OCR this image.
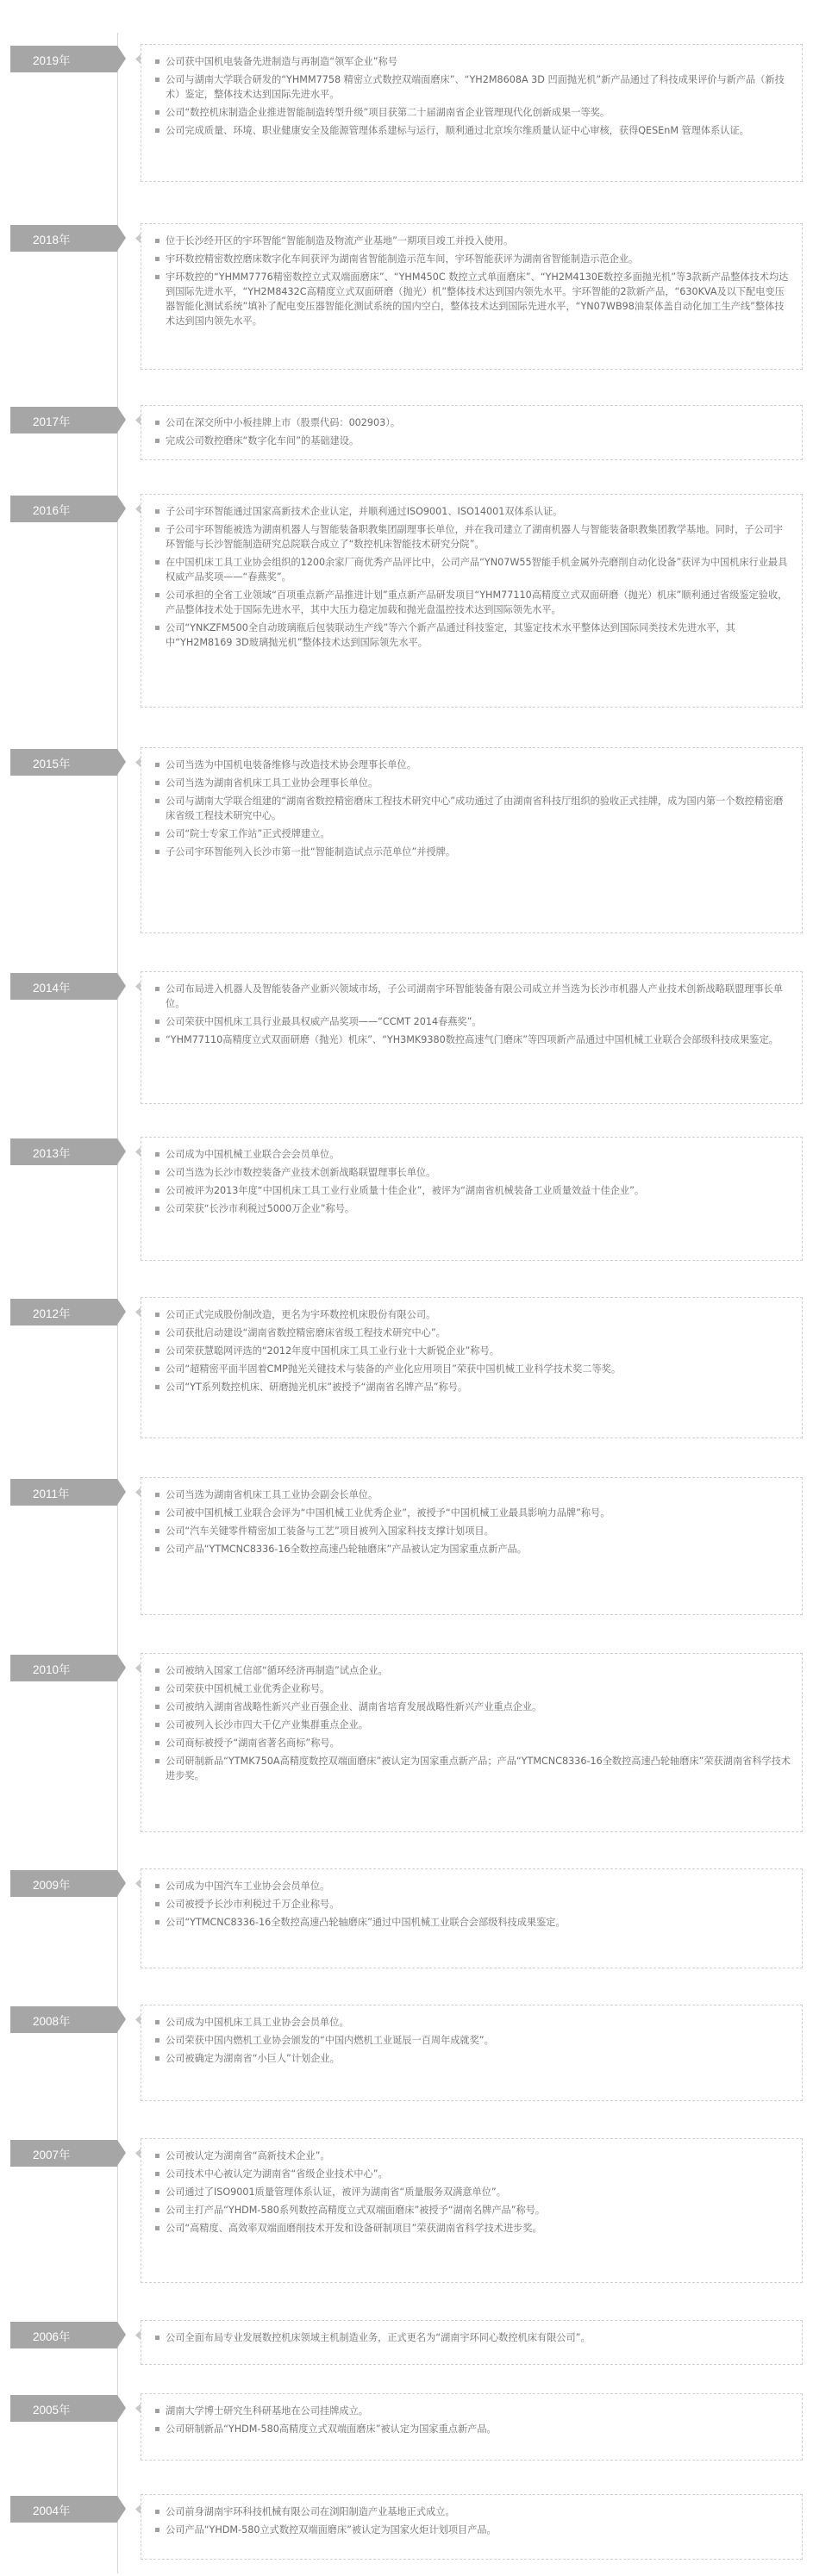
2019年	公司获中国机电装备先进制造与再制造“领军企业”称号
公司与湖南大学联合研发的“YHMM7758 精密立式数控双端面磨床”、“YH2M8608A 3D 凹面抛光机”新产品通过了科技成果评价与新产品（新技术）鉴定，整体技术达到国际先进水平。
公司“数控机床制造企业推进智能制造转型升级”项目获第二十届湖南省企业管理现代化创新成果一等奖。
公司完成质量、环境、职业健康安全及能源管理体系建标与运行，顺利通过北京埃尔维质量认证中心审核，获得QESEnM 管理体系认证。
2018年	位于长沙经开区的宇环智能“智能制造及物流产业基地”一期项目竣工并投入使用。
宇环数控精密数控磨床数字化车间获评为湖南省智能制造示范车间，宇环智能获评为湖南省智能制造示范企业。
宇环数控的“YHMM7776精密数控立式双端面磨床”、“YHM450C 数控立式单面磨床”、“YH2M4130E数控多面抛光机”等3款新产品整体技术均达到国际先进水平，“YH2M8432C高精度立式双面研磨（抛光）机”整体技术达到国内领先水平。宇环智能的2款新产品，“630KVA及以下配电变压器智能化测试系统”填补了配电变压器智能化测试系统的国内空白，整体技术达到国际先进水平，“YN07WB98油泵体盖自动化加工生产线”整体技术达到国内领先水平。
2017年	公司在深交所中小板挂牌上市（股票代码：002903）。
完成公司数控磨床“数字化车间”的基础建设。
2016年	子公司宇环智能通过国家高新技术企业认定，并顺利通过ISO9001、ISO14001双体系认证。
子公司宇环智能被选为湖南机器人与智能装备职教集团副理事长单位，并在我司建立了湖南机器人与智能装备职教集团教学基地。同时，子公司宇环智能与长沙智能制造研究总院联合成立了“数控机床智能技术研究分院”。
在中国机床工具工业协会组织的1200余家厂商优秀产品评比中，公司产品“YN07W55智能手机金属外壳磨削自动化设备”获评为中国机床行业最具权威产品奖项——“春燕奖”。
公司承担的全省工业领域“百项重点新产品推进计划”重点新产品研发项目“YHM77110高精度立式双面研磨（抛光）机床”顺利通过省级鉴定验收，产品整体技术处于国际先进水平，其中大压力稳定加载和抛光盘温控技术达到国际领先水平。
公司“YNKZFM500全自动玻璃瓶后包装联动生产线”等六个新产品通过科技鉴定，其鉴定技术水平整体达到国际同类技术先进水平，其中“YH2M8169 3D玻璃抛光机”整体技术达到国际领先水平。
2015年	公司当选为中国机电装备维修与改造技术协会理事长单位。
公司当选为湖南省机床工具工业协会理事长单位。
公司与湖南大学联合组建的“湖南省数控精密磨床工程技术研究中心”成功通过了由湖南省科技厅组织的验收正式挂牌，成为国内第一个数控精密磨床省级工程技术研究中心。
公司“院士专家工作站”正式授牌建立。
子公司宇环智能列入长沙市第一批“智能制造试点示范单位”并授牌。
2014年	公司布局进入机器人及智能装备产业新兴领域市场，子公司湖南宇环智能装备有限公司成立并当选为长沙市机器人产业技术创新战略联盟理事长单位。
公司荣获中国机床工具行业最具权威产品奖项——“CCMT 2014春燕奖”。
“YHM77110高精度立式双面研磨（抛光）机床”、“YH3MK9380数控高速气门磨床”等四项新产品通过中国机械工业联合会部级科技成果鉴定。
2013年	公司成为中国机械工业联合会会员单位。
公司当选为长沙市数控装备产业技术创新战略联盟理事长单位。
公司被评为2013年度“中国机床工具工业行业质量十佳企业”，被评为“湖南省机械装备工业质量效益十佳企业”。
公司荣获“长沙市利税过5000万企业”称号。
2012年	公司正式完成股份制改造，更名为宇环数控机床股份有限公司。
公司获批启动建设“湖南省数控精密磨床省级工程技术研究中心”。
公司荣获慧聪网评选的“2012年度中国机床工具工业行业十大新锐企业”称号。
公司“超精密平面半固着CMP抛光关键技术与装备的产业化应用项目”荣获中国机械工业科学技术奖二等奖。
公司“YT系列数控机床、研磨抛光机床”被授予“湖南省名牌产品”称号。
2011年	公司当选为湖南省机床工具工业协会副会长单位。
公司被中国机械工业联合会评为“中国机械工业优秀企业”，被授予“中国机械工业最具影响力品牌”称号。
公司“汽车关键零件精密加工装备与工艺”项目被列入国家科技支撑计划项目。
公司产品“YTMCNC8336-16全数控高速凸轮轴磨床”产品被认定为国家重点新产品。
2010年	公司被纳入国家工信部“循环经济再制造”试点企业。
公司荣获中国机械工业优秀企业称号。
公司被纳入湖南省战略性新兴产业百强企业、湖南省培育发展战略性新兴产业重点企业。
公司被列入长沙市四大千亿产业集群重点企业。
公司商标被授予“湖南省著名商标”称号。
公司研制新品“YTMK750A高精度数控双端面磨床”被认定为国家重点新产品；产品“YTMCNC8336-16全数控高速凸轮轴磨床”荣获湖南省科学技术进步奖。
2009年	公司成为中国汽车工业协会会员单位。
公司被授予长沙市利税过千万企业称号。
公司“YTMCNC8336-16全数控高速凸轮轴磨床”通过中国机械工业联合会部级科技成果鉴定。
2008年	公司成为中国机床工具工业协会会员单位。
公司荣获中国内燃机工业协会颁发的“中国内燃机工业诞辰一百周年成就奖”。
公司被确定为湖南省“小巨人”计划企业。
2007年	公司被认定为湖南省“高新技术企业”。
公司技术中心被认定为湖南省“省级企业技术中心”。
公司通过了ISO9001质量管理体系认证，被评为湖南省“质量服务双满意单位”。
公司主打产品“YHDM-580系列数控高精度立式双端面磨床”被授予“湖南名牌产品”称号。
公司“高精度、高效率双端面磨削技术开发和设备研制项目”荣获湖南省科学技术进步奖。
2006年	公司全面布局专业发展数控机床领域主机制造业务，正式更名为“湖南宇环同心数控机床有限公司”。
2005年	湖南大学博士研究生科研基地在公司挂牌成立。
公司研制新品“YHDM-580高精度立式双端面磨床”被认定为国家重点新产品。
2004年	公司前身湖南宇环科技机械有限公司在浏阳制造产业基地正式成立。
公司产品“YHDM-580立式数控双端面磨床”被认定为国家火炬计划项目产品。
